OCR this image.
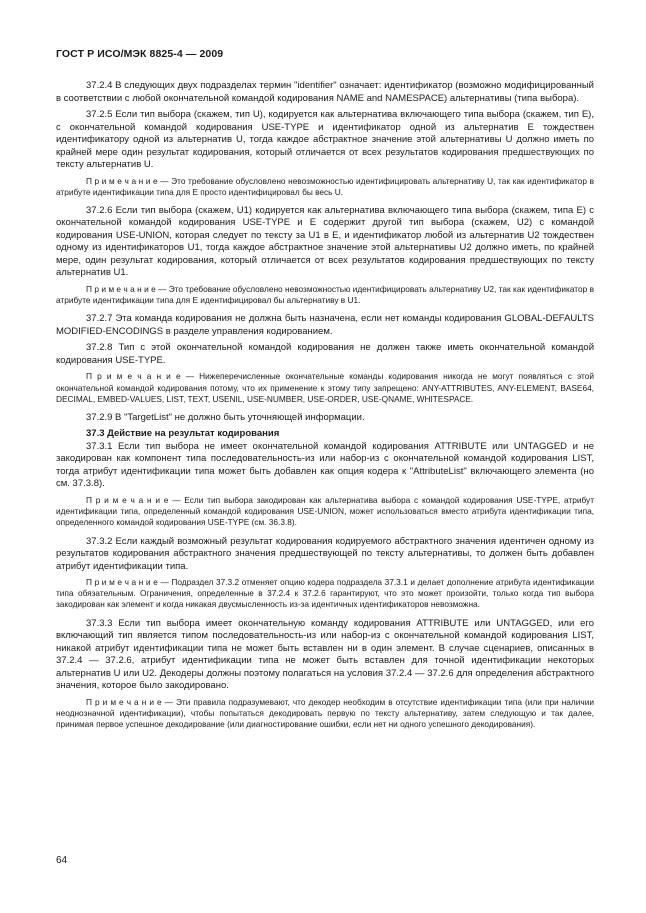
ГОСТ Р ИСО/МЭК 8825-4 — 2009
37.2.4 В следующих двух подразделах термин "identifier" означает: идентификатор (возможно модифицированный в соответствии с любой окончательной командой кодирования NAME and NAMESPACE) альтернативы (типа выбора).
37.2.5 Если тип выбора (скажем, тип U), кодируется как альтернатива включающего типа выбора (скажем, тип E), с окончательной командой кодирования USE-TYPE и идентификатор одной из альтернатив E тождествен идентификатору одной из альтернатив U, тогда каждое абстрактное значение этой альтернативы U должно иметь по крайней мере один результат кодирования, который отличается от всех результатов кодирования предшествующих по тексту альтернатив U.
П р и м е ч а н и е — Это требование обусловлено невозможностью идентифицировать альтернативу U, так как идентификатор в атрибуте идентификации типа для E просто идентифицировал бы весь U.
37.2.6 Если тип выбора (скажем, U1) кодируется как альтернатива включающего типа выбора (скажем, типа E) с окончательной командой кодирования USE-TYPE и E содержит другой тип выбора (скажем, U2) с командой кодирования USE-UNION, которая следует по тексту за U1 в E, и идентификатор любой из альтернатив U2 тождествен одному из идентификаторов U1, тогда каждое абстрактное значение этой альтернативы U2 должно иметь, по крайней мере, один результат кодирования, который отличается от всех результатов кодирования предшествующих по тексту альтернатив U1.
П р и м е ч а н и е — Это требование обусловлено невозможностью идентифицировать альтернативу U2, так как идентификатор в атрибуте идентификации типа для E идентифицировал бы альтернативу в U1.
37.2.7 Эта команда кодирования не должна быть назначена, если нет команды кодирования GLOBAL-DEFAULTS MODIFIED-ENCODINGS в разделе управления кодированием.
37.2.8 Тип с этой окончательной командой кодирования не должен также иметь окончательной командой кодирования USE-TYPE.
П р и м е ч а н и е — Нижеперечисленные окончательные команды кодирования никогда не могут появляться с этой окончательной командой кодирования потому, что их применение к этому типу запрещено: ANY-ATTRIBUTES, ANY-ELEMENT, BASE64, DECIMAL, EMBED-VALUES, LIST, TEXT, USENIL, USE-NUMBER, USE-ORDER, USE-QNAME, WHITESPACE.
37.2.9 В "TargetList" не должно быть уточняющей информации.
37.3 Действие на результат кодирования
37.3.1 Если тип выбора не имеет окончательной командой кодирования ATTRIBUTE или UNTAGGED и не закодирован как компонент типа последовательность-из или набор-из с окончательной командой кодирования LIST, тогда атрибут идентификации типа может быть добавлен как опция кодера к "AttributeList" включающего элемента (но см. 37.3.8).
П р и м е ч а н и е — Если тип выбора закодирован как альтернатива выбора с командой кодирования USE-TYPE, атрибут идентификации типа, определенный командой кодирования USE-UNION, может использоваться вместо атрибута идентификации типа, определенного командой кодирования USE-TYPE (см. 36.3.8).
37.3.2 Если каждый возможный результат кодирования кодируемого абстрактного значения идентичен одному из результатов кодирования абстрактного значения предшествующей по тексту альтернативы, то должен быть добавлен атрибут идентификации типа.
П р и м е ч а н и е — Подраздел 37.3.2 отменяет опцию кодера подраздела 37.3.1 и делает дополнение атрибута идентификации типа обязательным. Ограничения, определенные в 37.2.4 к 37.2.6 гарантируют, что это может произойти, только когда тип выбора закодирован как элемент и когда никакая двусмысленность из-за идентичных идентификаторов невозможна.
37.3.3 Если тип выбора имеет окончательную команду кодирования ATTRIBUTE или UNTAGGED, или его включающий тип является типом последовательность-из или набор-из с окончательной командой кодирования LIST, никакой атрибут идентификации типа не может быть вставлен ни в один элемент. В случае сценариев, описанных в 37.2.4 — 37.2.6, атрибут идентификации типа не может быть вставлен для точной идентификации некоторых альтернатив U или U2. Декодеры должны поэтому полагаться на условия 37.2.4 — 37.2.6 для определения абстрактного значения, которое было закодировано.
П р и м е ч а н и е — Эти правила подразумевают, что декодер необходим в отсутствие идентификации типа (или при наличии неоднозначной идентификации), чтобы попытаться декодировать первую по тексту альтернативу, затем следующую и так далее, принимая первое успешное декодирование (или диагностирование ошибки, если нет ни одного успешного декодирования).
64
